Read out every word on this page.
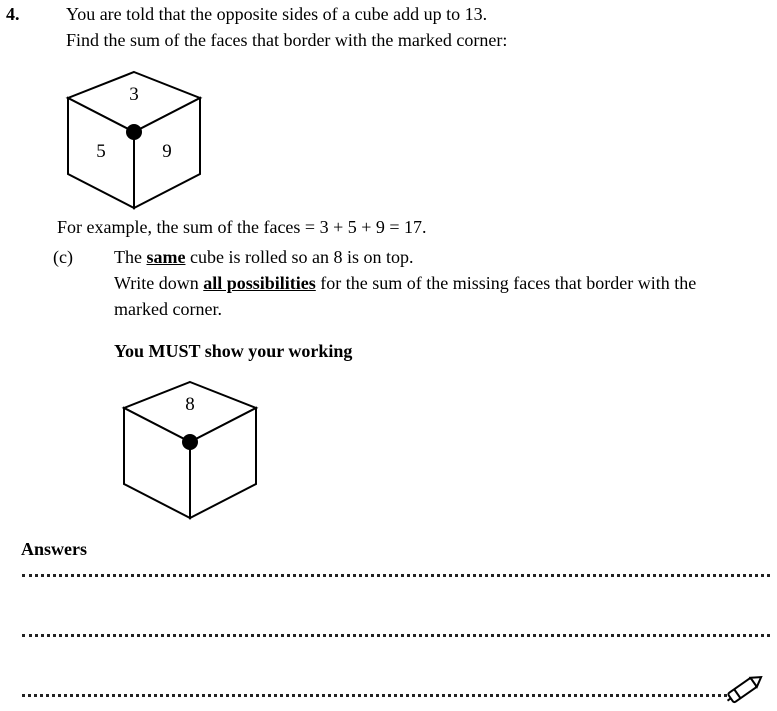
4.	You are told that the opposite sides of a cube add up to 13.
Find the sum of the faces that border with the marked corner:
3
5	9
For example, the sum of the faces = 3 + 5 + 9 = 17.
(c) The same cube is rolled so an 8 is on top.
Write down all possibilities for the sum of the missing faces that border with the
marked corner.
You MUST show your working
8
Answers
